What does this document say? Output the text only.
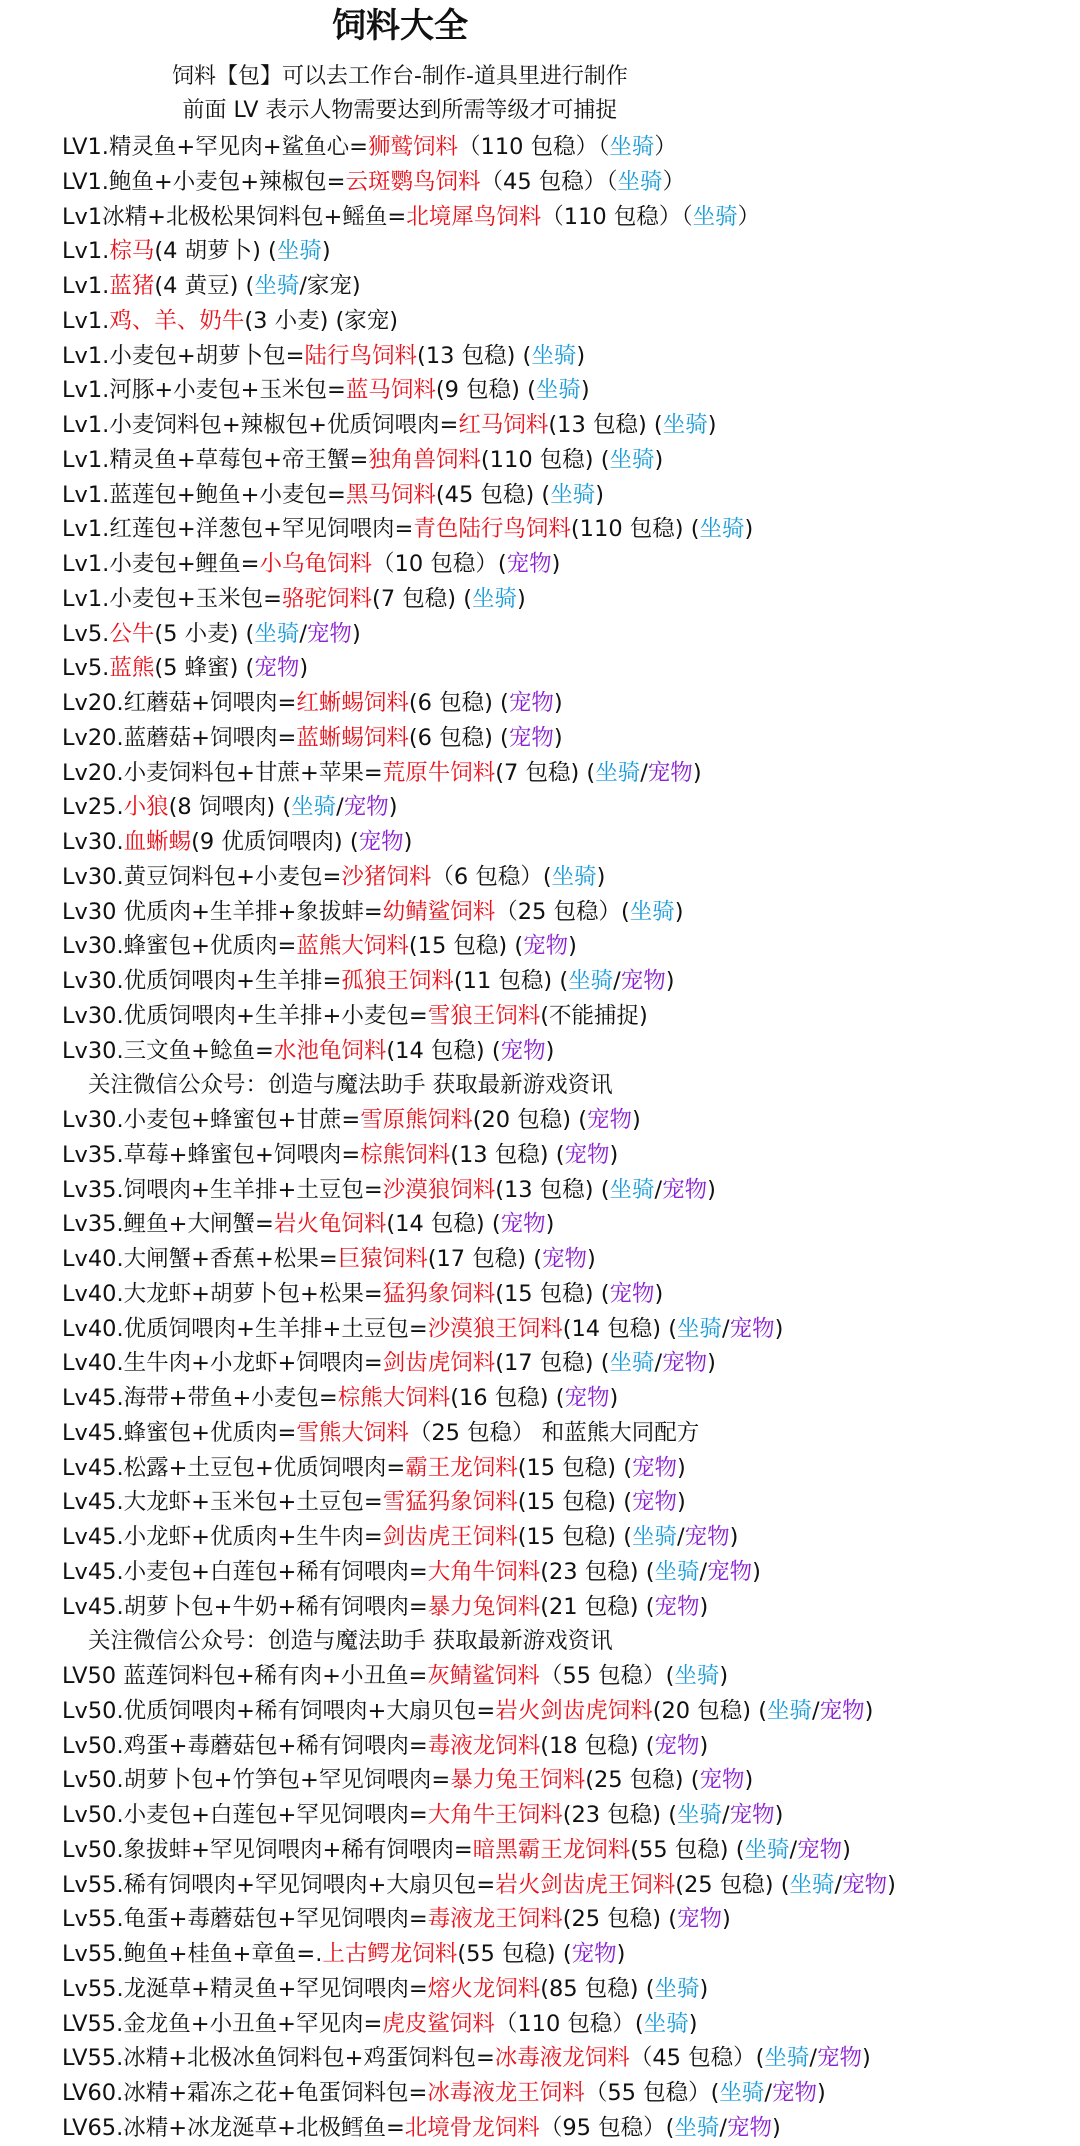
饲料大全
饲料【包】可以去工作台-制作-道具里进行制作
前面 LV 表示人物需要达到所需等级才可捕捉
LV1.精灵鱼+罕见肉+鲨鱼心=狮鹫饲料（110 包稳）（坐骑）
LV1.鲍鱼+小麦包+辣椒包=云斑鹦鸟饲料（45 包稳）（坐骑）
Lv1冰精+北极松果饲料包+鳐鱼=北境犀鸟饲料（110 包稳）（坐骑）
Lv1.棕马(4 胡萝卜) (坐骑)
Lv1.蓝猪(4 黄豆) (坐骑/家宠)
Lv1.鸡、羊、奶牛(3 小麦) (家宠)
Lv1.小麦包+胡萝卜包=陆行鸟饲料(13 包稳) (坐骑)
Lv1.河豚+小麦包+玉米包=蓝马饲料(9 包稳) (坐骑)
Lv1.小麦饲料包+辣椒包+优质饲喂肉=红马饲料(13 包稳) (坐骑)
Lv1.精灵鱼+草莓包+帝王蟹=独角兽饲料(110 包稳) (坐骑)
Lv1.蓝莲包+鲍鱼+小麦包=黑马饲料(45 包稳) (坐骑)
Lv1.红莲包+洋葱包+罕见饲喂肉=青色陆行鸟饲料(110 包稳) (坐骑)
Lv1.小麦包+鲤鱼=小乌龟饲料（10 包稳）(宠物)
Lv1.小麦包+玉米包=骆驼饲料(7 包稳) (坐骑)
Lv5.公牛(5 小麦) (坐骑/宠物)
Lv5.蓝熊(5 蜂蜜) (宠物)
Lv20.红蘑菇+饲喂肉=红蜥蜴饲料(6 包稳) (宠物)
Lv20.蓝蘑菇+饲喂肉=蓝蜥蜴饲料(6 包稳) (宠物)
Lv20.小麦饲料包+甘蔗+苹果=荒原牛饲料(7 包稳) (坐骑/宠物)
Lv25.小狼(8 饲喂肉) (坐骑/宠物)
Lv30.血蜥蜴(9 优质饲喂肉) (宠物)
Lv30.黄豆饲料包+小麦包=沙猪饲料（6 包稳）(坐骑)
Lv30 优质肉+生羊排+象拔蚌=幼鲭鲨饲料（25 包稳）(坐骑)
Lv30.蜂蜜包+优质肉=蓝熊大饲料(15 包稳) (宠物)
Lv30.优质饲喂肉+生羊排=孤狼王饲料(11 包稳) (坐骑/宠物)
Lv30.优质饲喂肉+生羊排+小麦包=雪狼王饲料(不能捕捉)
Lv30.三文鱼+鲶鱼=水池龟饲料(14 包稳) (宠物)
关注微信公众号：创造与魔法助手 获取最新游戏资讯
Lv30.小麦包+蜂蜜包+甘蔗=雪原熊饲料(20 包稳) (宠物)
Lv35.草莓+蜂蜜包+饲喂肉=棕熊饲料(13 包稳) (宠物)
Lv35.饲喂肉+生羊排+土豆包=沙漠狼饲料(13 包稳) (坐骑/宠物)
Lv35.鲤鱼+大闸蟹=岩火龟饲料(14 包稳) (宠物)
Lv40.大闸蟹+香蕉+松果=巨猿饲料(17 包稳) (宠物)
Lv40.大龙虾+胡萝卜包+松果=猛犸象饲料(15 包稳) (宠物)
Lv40.优质饲喂肉+生羊排+土豆包=沙漠狼王饲料(14 包稳) (坐骑/宠物)
Lv40.生牛肉+小龙虾+饲喂肉=剑齿虎饲料(17 包稳) (坐骑/宠物)
Lv45.海带+带鱼+小麦包=棕熊大饲料(16 包稳) (宠物)
Lv45.蜂蜜包+优质肉=雪熊大饲料（25 包稳） 和蓝熊大同配方
Lv45.松露+土豆包+优质饲喂肉=霸王龙饲料(15 包稳) (宠物)
Lv45.大龙虾+玉米包+土豆包=雪猛犸象饲料(15 包稳) (宠物)
Lv45.小龙虾+优质肉+生牛肉=剑齿虎王饲料(15 包稳) (坐骑/宠物)
Lv45.小麦包+白莲包+稀有饲喂肉=大角牛饲料(23 包稳) (坐骑/宠物)
Lv45.胡萝卜包+牛奶+稀有饲喂肉=暴力兔饲料(21 包稳) (宠物)
关注微信公众号：创造与魔法助手 获取最新游戏资讯
LV50 蓝莲饲料包+稀有肉+小丑鱼=灰鲭鲨饲料（55 包稳）(坐骑)
Lv50.优质饲喂肉+稀有饲喂肉+大扇贝包=岩火剑齿虎饲料(20 包稳) (坐骑/宠物)
Lv50.鸡蛋+毒蘑菇包+稀有饲喂肉=毒液龙饲料(18 包稳) (宠物)
Lv50.胡萝卜包+竹笋包+罕见饲喂肉=暴力兔王饲料(25 包稳) (宠物)
Lv50.小麦包+白莲包+罕见饲喂肉=大角牛王饲料(23 包稳) (坐骑/宠物)
Lv50.象拔蚌+罕见饲喂肉+稀有饲喂肉=暗黑霸王龙饲料(55 包稳) (坐骑/宠物)
Lv55.稀有饲喂肉+罕见饲喂肉+大扇贝包=岩火剑齿虎王饲料(25 包稳) (坐骑/宠物)
Lv55.龟蛋+毒蘑菇包+罕见饲喂肉=毒液龙王饲料(25 包稳) (宠物)
Lv55.鲍鱼+桂鱼+章鱼=.上古鳄龙饲料(55 包稳) (宠物)
Lv55.龙涎草+精灵鱼+罕见饲喂肉=熔火龙饲料(85 包稳) (坐骑)
LV55.金龙鱼+小丑鱼+罕见肉=虎皮鲨饲料（110 包稳）(坐骑)
LV55.冰精+北极冰鱼饲料包+鸡蛋饲料包=冰毒液龙饲料（45 包稳）(坐骑/宠物)
LV60.冰精+霜冻之花+龟蛋饲料包=冰毒液龙王饲料（55 包稳）(坐骑/宠物)
LV65.冰精+冰龙涎草+北极鳕鱼=北境骨龙饲料（95 包稳）(坐骑/宠物)
